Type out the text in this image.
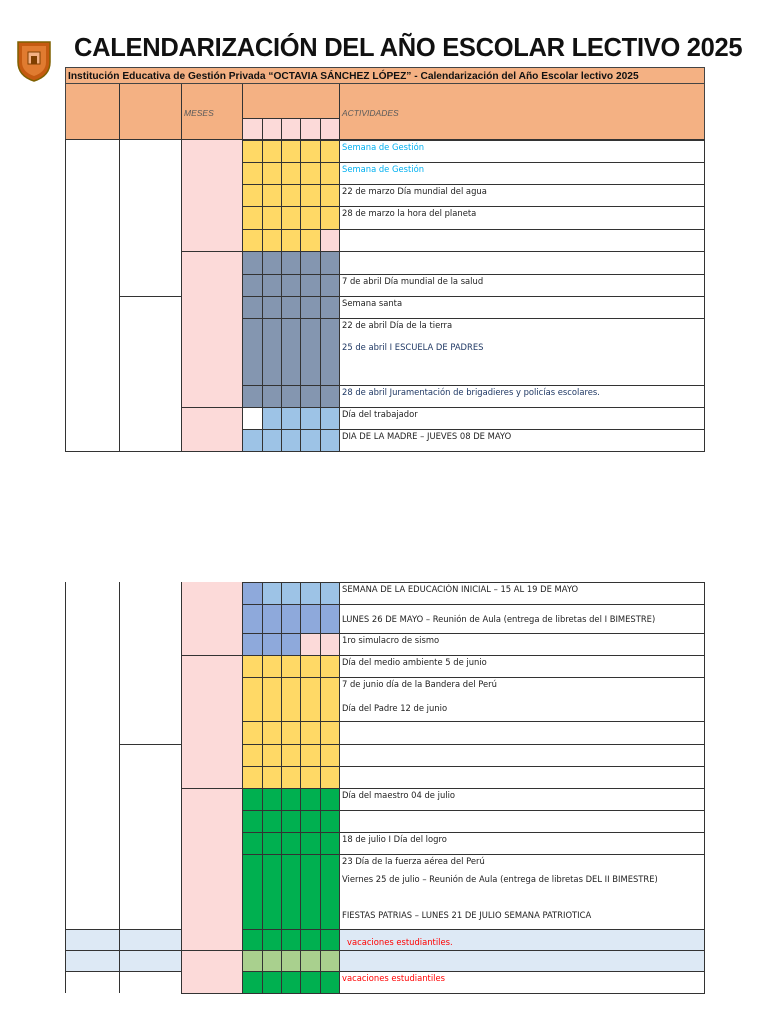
CALENDARIZACIÓN DEL AÑO ESCOLAR LECTIVO 2025
Institución Educativa de Gestión Privada “OCTAVIA SÁNCHEZ LÓPEZ” - Calendarización del Año Escolar lectivo 2025
MESES	ACTIVIDADES
Semana de Gestión
Semana de Gestión
22 de marzo Día mundial del agua
28 de marzo la hora del planeta
7 de abril Día mundial de la salud
Semana santa
22 de abril Día de la tierra
25 de abril I ESCUELA DE PADRES
28 de abril Juramentación de brigadieres y policías escolares.
Día del trabajador
DIA DE LA MADRE – JUEVES 08 DE MAYO
SEMANA DE LA EDUCACIÓN INICIAL – 15 AL 19 DE MAYO
LUNES 26 DE MAYO – Reunión de Aula (entrega de libretas del I BIMESTRE)
1ro simulacro de sismo
Día del medio ambiente 5 de junio
7 de junio día de la Bandera del Perú
Día del Padre 12 de junio
Día del maestro 04 de julio
18 de julio I Día del logro
23 Día de la fuerza aérea del Perú
Viernes 25 de julio – Reunión de Aula (entrega de libretas DEL II BIMESTRE)
FIESTAS PATRIAS – LUNES 21 DE JULIO SEMANA PATRIOTICA
vacaciones estudiantiles.
vacaciones estudiantiles
